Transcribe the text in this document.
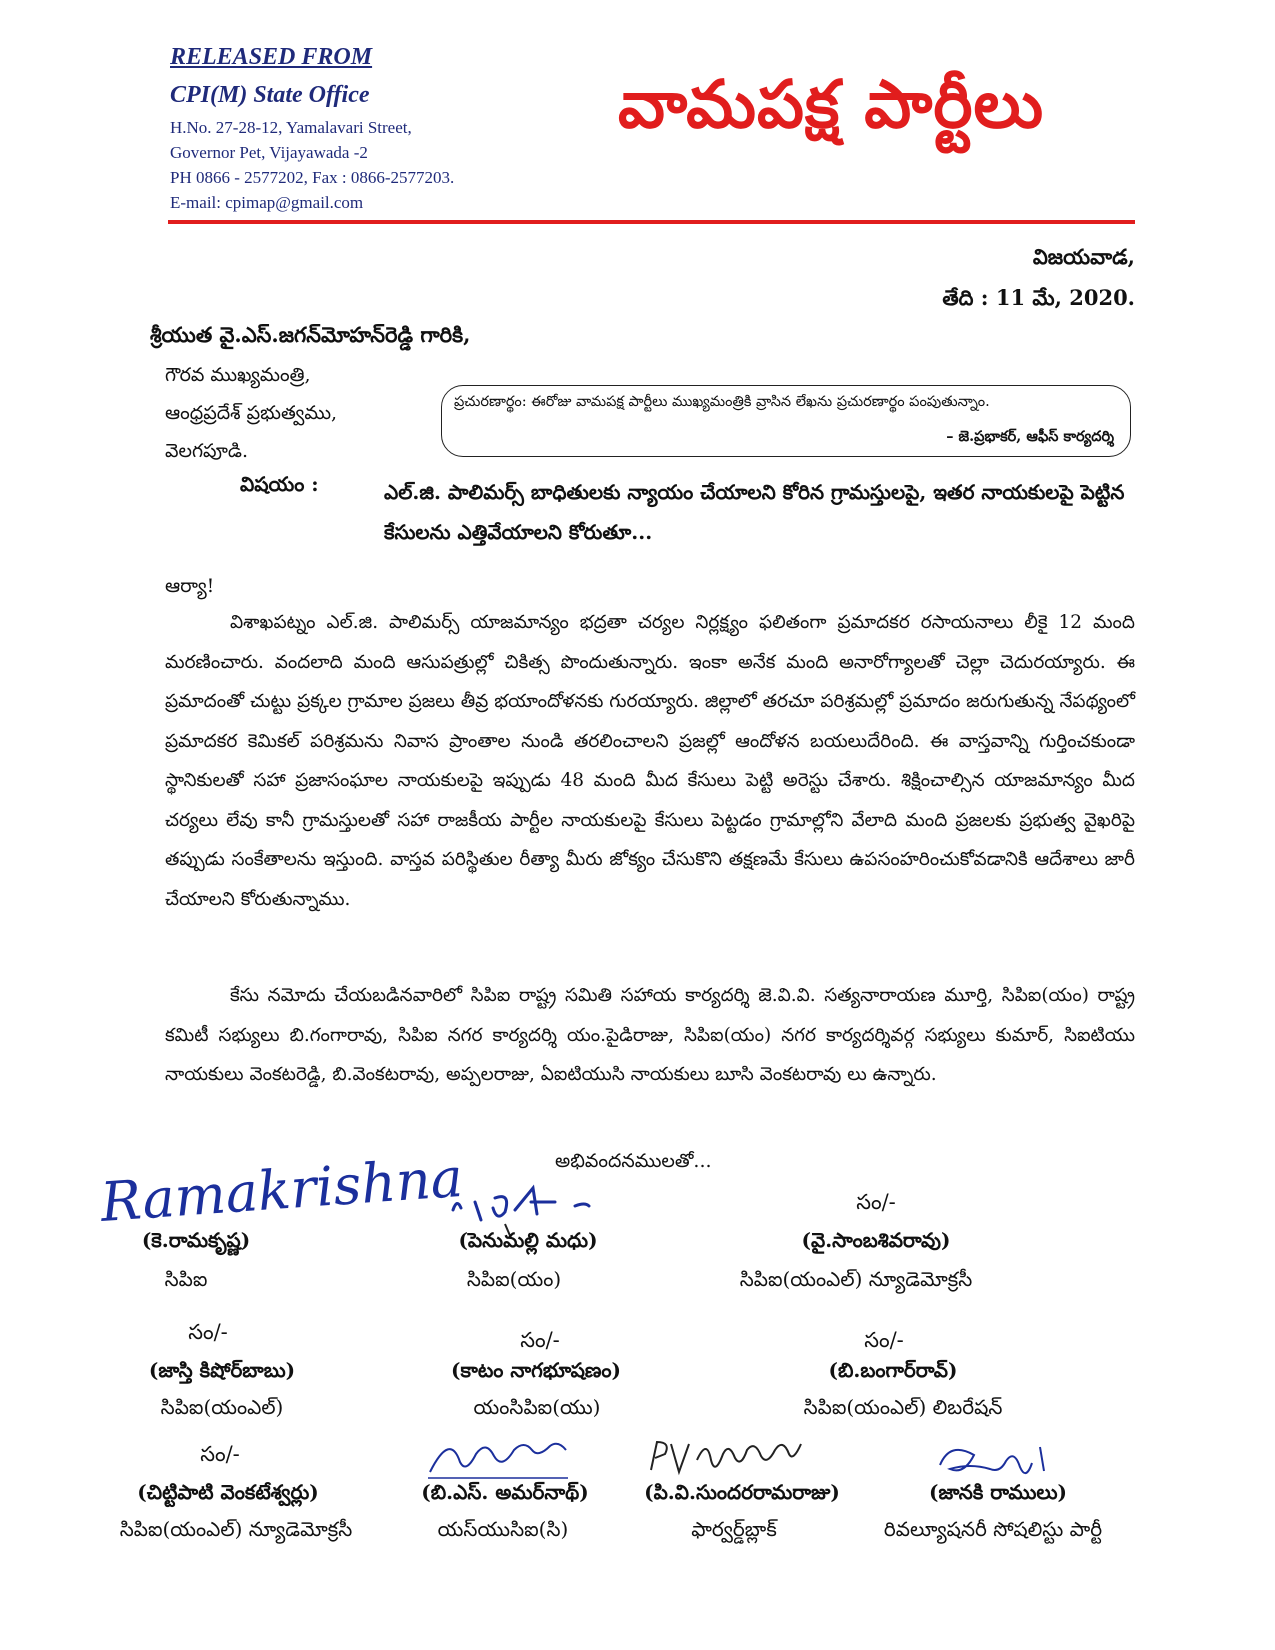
RELEASED FROM
CPI(M) State Office
H.No. 27-28-12, Yamalavari Street,
Governor Pet, Vijayawada -2
PH 0866 - 2577202, Fax : 0866-2577203.
E-mail: cpimap@gmail.com
వామపక్ష పార్టీలు
విజయవాడ,
తేది : 11 మే, 2020.
శ్రీయుత వై.ఎస్.జగన్‌మోహన్‌రెడ్డి గారికి,
గౌరవ ముఖ్యమంత్రి,
ఆంధ్రప్రదేశ్ ప్రభుత్వము,
వెలగపూడి.
ప్రచురణార్థం: ఈరోజు వామపక్ష పార్టీలు ముఖ్యమంత్రికి వ్రాసిన లేఖను ప్రచురణార్థం పంపుతున్నాం.
– జె.ప్రభాకర్, ఆఫీస్ కార్యదర్శి
విషయం :	ఎల్.జి. పాలిమర్స్ బాధితులకు న్యాయం చేయాలని కోరిన గ్రామస్తులపై, ఇతర నాయకులపై పెట్టిన కేసులను ఎత్తివేయాలని కోరుతూ...
ఆర్యా!
విశాఖపట్నం ఎల్.జి. పాలిమర్స్ యాజమాన్యం భద్రతా చర్యల నిర్లక్ష్యం ఫలితంగా ప్రమాదకర రసాయనాలు లీకై 12 మంది మరణించారు. వందలాది మంది ఆసుపత్రుల్లో చికిత్స పొందుతున్నారు. ఇంకా అనేక మంది అనారోగ్యాలతో చెల్లా చెదురయ్యారు. ఈ ప్రమాదంతో చుట్టు ప్రక్కల గ్రామాల ప్రజలు తీవ్ర భయాందోళనకు గురయ్యారు. జిల్లాలో తరచూ పరిశ్రమల్లో ప్రమాదం జరుగుతున్న నేపథ్యంలో ప్రమాదకర కెమికల్ పరిశ్రమను నివాస ప్రాంతాల నుండి తరలించాలని ప్రజల్లో ఆందోళన బయలుదేరింది. ఈ వాస్తవాన్ని గుర్తించకుండా స్థానికులతో సహా ప్రజాసంఘాల నాయకులపై ఇప్పుడు 48 మంది మీద కేసులు పెట్టి అరెస్టు చేశారు. శిక్షించాల్సిన యాజమాన్యం మీద చర్యలు లేవు కానీ గ్రామస్తులతో సహా రాజకీయ పార్టీల నాయకులపై కేసులు పెట్టడం గ్రామాల్లోని వేలాది మంది ప్రజలకు ప్రభుత్వ వైఖరిపై తప్పుడు సంకేతాలను ఇస్తుంది. వాస్తవ పరిస్థితుల రీత్యా మీరు జోక్యం చేసుకొని తక్షణమే కేసులు ఉపసంహరించుకోవడానికి ఆదేశాలు జారీ చేయాలని కోరుతున్నాము.
కేసు నమోదు చేయబడినవారిలో సిపిఐ రాష్ట్ర సమితి సహాయ కార్యదర్శి జె.వి.వి. సత్యనారాయణ మూర్తి, సిపిఐ(యం) రాష్ట్ర కమిటీ సభ్యులు బి.గంగారావు, సిపిఐ నగర కార్యదర్శి యం.పైడిరాజు, సిపిఐ(యం) నగర కార్యదర్శివర్గ సభ్యులు కుమార్, సిఐటియు నాయకులు వెంకటరెడ్డి, బి.వెంకటరావు, అప్పలరాజు, ఏఐటియుసి నాయకులు బూసి వెంకటరావు లు ఉన్నారు.
అభివందనములతో...
Ramakrishna
(కె.రామకృష్ణ)
సిపిఐ
(పెనుమల్లి మధు)
సిపిఐ(యం)
సం/-
(వై.సాంబశివరావు)
సిపిఐ(యంఎల్) న్యూడెమోక్రసీ
సం/-
(జాస్తి కిషోర్‌బాబు)
సిపిఐ(యంఎల్)
సం/-
(కాటం నాగభూషణం)
యంసిపిఐ(యు)
సం/-
(బి.బంగార్‌రావ్)
సిపిఐ(యంఎల్) లిబరేషన్
సం/-
(చిట్టిపాటి వెంకటేశ్వర్లు)
సిపిఐ(యంఎల్) న్యూడెమోక్రసీ
(బి.ఎస్. అమర్‌నాథ్)
యస్‌యుసిఐ(సి)
(పి.వి.సుందరరామరాజు)
ఫార్వర్డ్‌బ్లాక్
(జానకి రాములు)
రివల్యూషనరీ సోషలిస్టు పార్టీ
